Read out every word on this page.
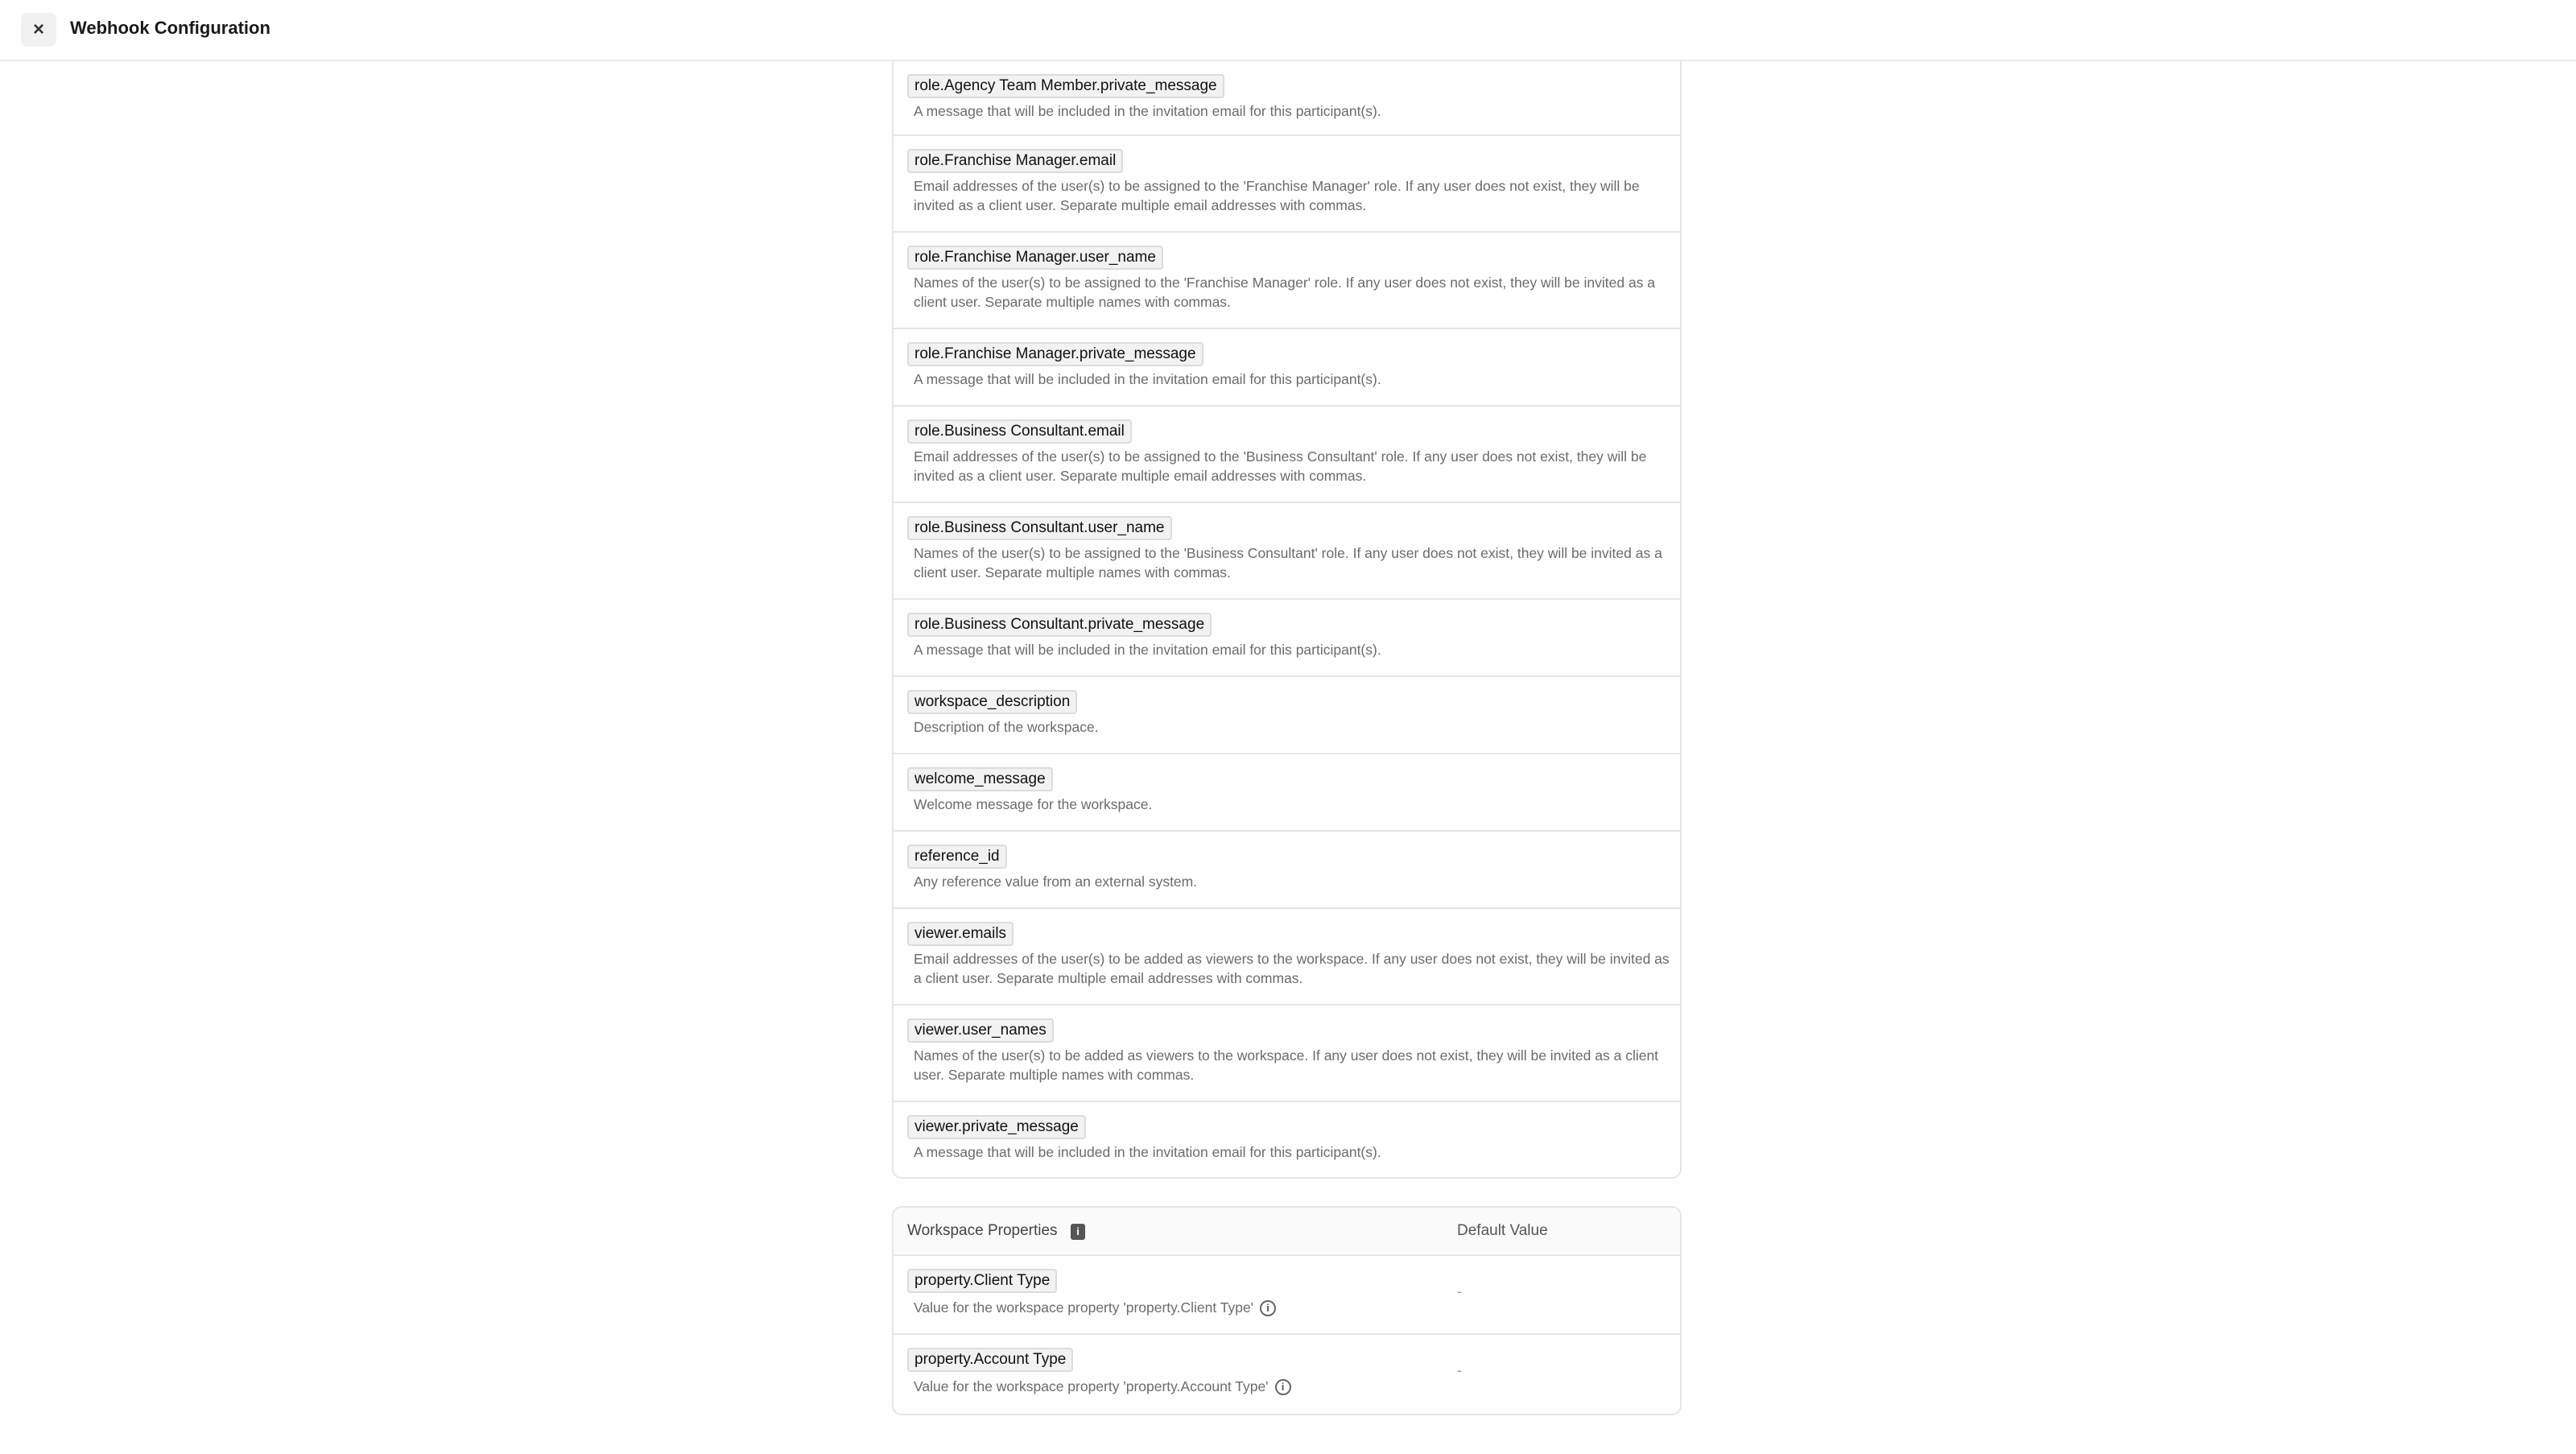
× Webhook Configuration
role.Agency Team Member.private_message
A message that will be included in the invitation email for this participant(s).
role.Franchise Manager.email
Email addresses of the user(s) to be assigned to the 'Franchise Manager' role. If any user does not exist, they will be invited as a client user. Separate multiple email addresses with commas.
role.Franchise Manager.user_name
Names of the user(s) to be assigned to the 'Franchise Manager' role. If any user does not exist, they will be invited as a client user. Separate multiple names with commas.
role.Franchise Manager.private_message
A message that will be included in the invitation email for this participant(s).
role.Business Consultant.email
Email addresses of the user(s) to be assigned to the 'Business Consultant' role. If any user does not exist, they will be invited as a client user. Separate multiple email addresses with commas.
role.Business Consultant.user_name
Names of the user(s) to be assigned to the 'Business Consultant' role. If any user does not exist, they will be invited as a client user. Separate multiple names with commas.
role.Business Consultant.private_message
A message that will be included in the invitation email for this participant(s).
workspace_description
Description of the workspace.
welcome_message
Welcome message for the workspace.
reference_id
Any reference value from an external system.
viewer.emails
Email addresses of the user(s) to be added as viewers to the workspace. If any user does not exist, they will be invited as a client user. Separate multiple email addresses with commas.
viewer.user_names
Names of the user(s) to be added as viewers to the workspace. If any user does not exist, they will be invited as a client user. Separate multiple names with commas.
viewer.private_message
A message that will be included in the invitation email for this participant(s).
Workspace Properties	i	Default Value
property.Client Type
Value for the workspace property 'property.Client Type' i
-
property.Account Type
Value for the workspace property 'property.Account Type' i
-
